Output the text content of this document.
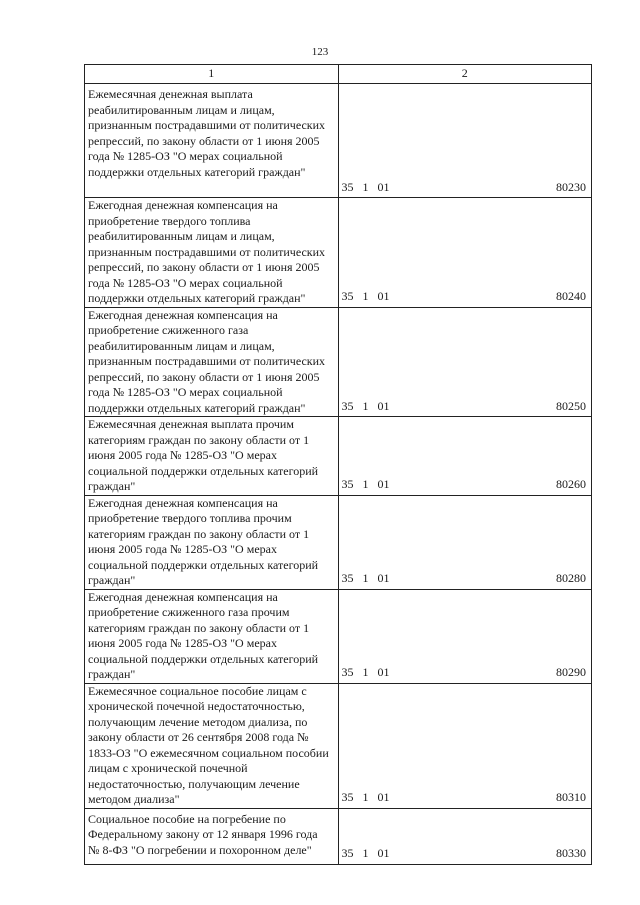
123
1	2
Ежемесячная денежная выплата реабилитированным лицам и лицам, признанным пострадавшими от политических репрессий, по закону области от 1 июня 2005 года № 1285-ОЗ "О мерах социальной поддержки отдельных категорий граждан"	35 1 01 80230

Ежегодная денежная компенсация на приобретение твердого топлива реабилитированным лицам и лицам, признанным пострадавшими от политических репрессий, по закону области от 1 июня 2005 года № 1285-ОЗ "О мерах социальной поддержки отдельных категорий граждан"	35 1 01 80240

Ежегодная денежная компенсация на приобретение сжиженного газа реабилитированным лицам и лицам, признанным пострадавшими от политических репрессий, по закону области от 1 июня 2005 года № 1285-ОЗ "О мерах социальной поддержки отдельных категорий граждан"	35 1 01 80250

Ежемесячная денежная выплата прочим категориям граждан по закону области от 1 июня 2005 года № 1285-ОЗ "О мерах социальной поддержки отдельных категорий граждан"	35 1 01 80260

Ежегодная денежная компенсация на приобретение твердого топлива прочим категориям граждан по закону области от 1 июня 2005 года № 1285-ОЗ "О мерах социальной поддержки отдельных категорий граждан"	35 1 01 80280

Ежегодная денежная компенсация на приобретение сжиженного газа прочим категориям граждан по закону области от 1 июня 2005 года № 1285-ОЗ "О мерах социальной поддержки отдельных категорий граждан"	35 1 01 80290

Ежемесячное социальное пособие лицам с хронической почечной недостаточностью, получающим лечение методом диализа, по закону области от 26 сентября 2008 года № 1833-ОЗ "О ежемесячном социальном пособии лицам с хронической почечной недостаточностью, получающим лечение методом диализа"	35 1 01 80310

Социальное пособие на погребение по Федеральному закону от 12 января 1996 года № 8-ФЗ "О погребении и похоронном деле"	35 1 01 80330
